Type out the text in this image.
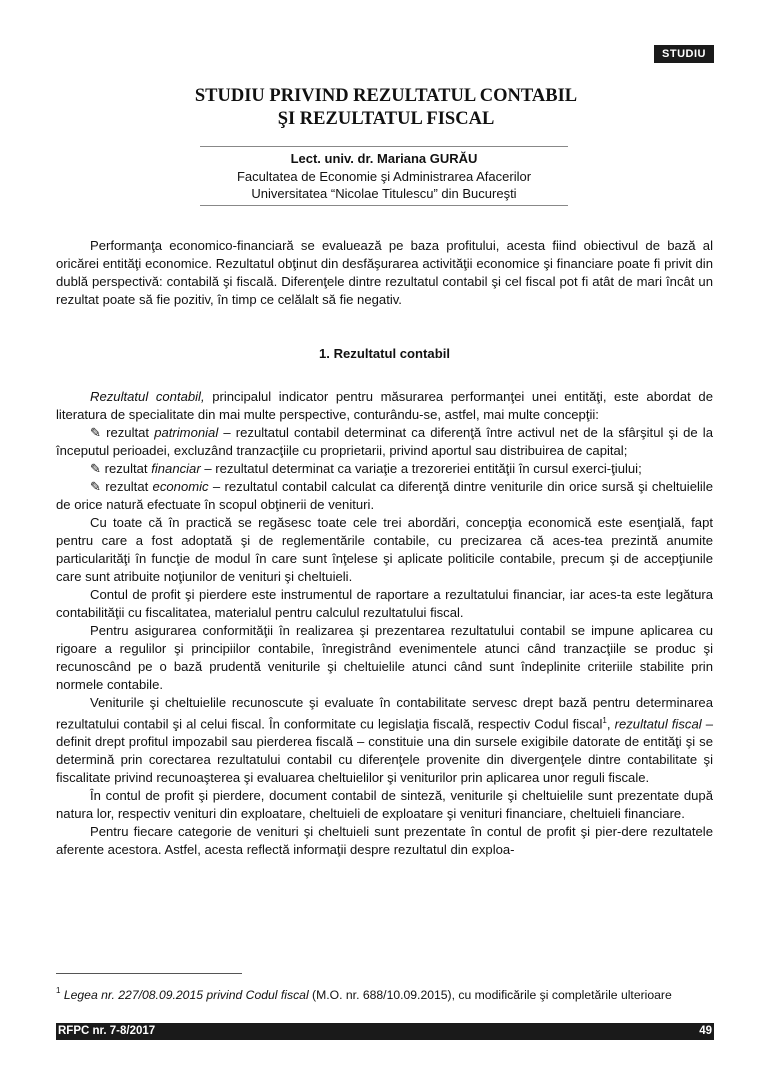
STUDIU
STUDIU PRIVIND REZULTATUL CONTABIL
ŞI REZULTATUL FISCAL
Lect. univ. dr. Mariana GURĂU
Facultatea de Economie şi Administrarea Afacerilor
Universitatea “Nicolae Titulescu” din Bucureşti

Performanţa economico-financiară se evaluează pe baza profitului, acesta fiind obiectivul de bază al oricărei entităţi economice. Rezultatul obţinut din desfăşurarea activităţii economice şi financiare poate fi privit din dublă perspectivă: contabilă şi fiscală. Diferenţele dintre rezultatul contabil şi cel fiscal pot fi atât de mari încât un rezultat poate să fie pozitiv, în timp ce celălalt să fie negativ.

1. Rezultatul contabil

Rezultatul contabil, principalul indicator pentru măsurarea performanţei unei entităţi, este abordat de literatura de specialitate din mai multe perspective, conturându-se, astfel, mai multe concepţii:

✎ rezultat patrimonial – rezultatul contabil determinat ca diferenţă între activul net de la sfârşitul şi de la începutul perioadei, excluzând tranzacţiile cu proprietarii, privind aportul sau distribuirea de capital;

✎ rezultat financiar – rezultatul determinat ca variaţie a trezoreriei entităţii în cursul exerci-ţiului;

✎ rezultat economic – rezultatul contabil calculat ca diferenţă dintre veniturile din orice sursă şi cheltuielile de orice natură efectuate în scopul obţinerii de venituri.

Cu toate că în practică se regăsesc toate cele trei abordări, concepţia economică este esenţială, fapt pentru care a fost adoptată şi de reglementările contabile, cu precizarea că aces-tea prezintă anumite particularităţi în funcţie de modul în care sunt înţelese şi aplicate politicile contabile, precum şi de accepţiunile care sunt atribuite noţiunilor de venituri şi cheltuieli.

Contul de profit şi pierdere este instrumentul de raportare a rezultatului financiar, iar aces-ta este legătura contabilităţii cu fiscalitatea, materialul pentru calculul rezultatului fiscal.

Pentru asigurarea conformităţii în realizarea şi prezentarea rezultatului contabil se impune aplicarea cu rigoare a regulilor şi principiilor contabile, înregistrând evenimentele atunci când tranzacţiile se produc şi recunoscând pe o bază prudentă veniturile şi cheltuielile atunci când sunt îndeplinite criteriile stabilite prin normele contabile.

Veniturile şi cheltuielile recunoscute şi evaluate în contabilitate servesc drept bază pentru determinarea rezultatului contabil şi al celui fiscal. În conformitate cu legislaţia fiscală, respectiv Codul fiscal$^1$, rezultatul fiscal – definit drept profitul impozabil sau pierderea fiscală – constituie una din sursele exigibile datorate de entităţi şi se determină prin corectarea rezultatului contabil cu diferenţele provenite din divergenţele dintre contabilitate şi fiscalitate privind recunoaşterea şi evaluarea cheltuielilor şi veniturilor prin aplicarea unor reguli fiscale.

În contul de profit şi pierdere, document contabil de sinteză, veniturile şi cheltuielile sunt prezentate după natura lor, respectiv venituri din exploatare, cheltuieli de exploatare şi venituri financiare, cheltuieli financiare.

Pentru fiecare categorie de venituri şi cheltuieli sunt prezentate în contul de profit şi pier-dere rezultatele aferente acestora. Astfel, acesta reflectă informaţii despre rezultatul din exploa-

$^1$ Legea nr. 227/08.09.2015 privind Codul fiscal (M.O. nr. 688/10.09.2015), cu modificările şi completările ulterioare

RFPC nr. 7-8/2017	49
